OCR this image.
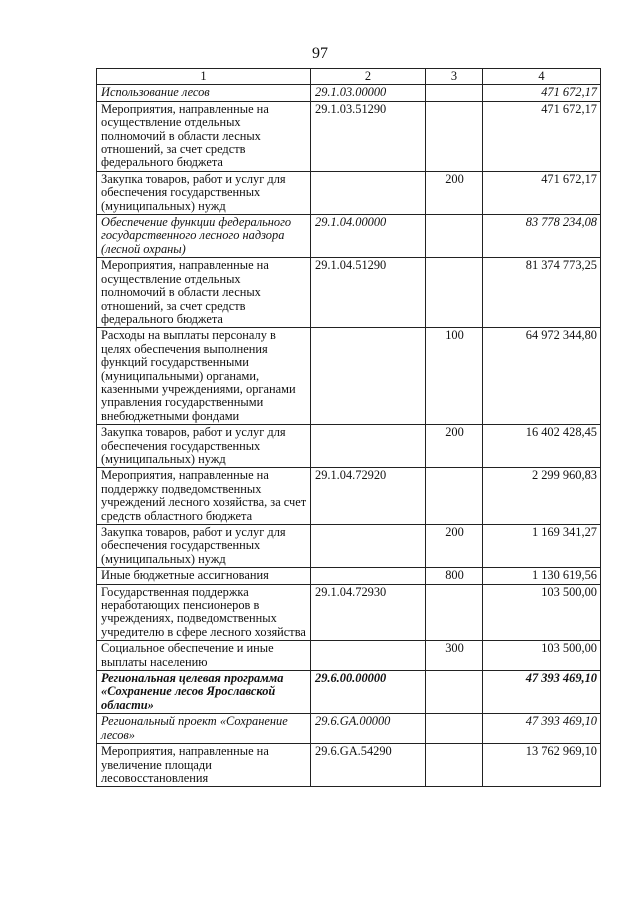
97
1	2	3	4
Использование лесов	29.1.03.00000		471 672,17
Мероприятия, направленные на осуществление отдельных полномочий в области лесных отношений, за счет средств федерального бюджета	29.1.03.51290		471 672,17
Закупка товаров, работ и услуг для обеспечения государственных (муниципальных) нужд		200	471 672,17
Обеспечение функции федерального государственного лесного надзора (лесной охраны)	29.1.04.00000		83 778 234,08
Мероприятия, направленные на осуществление отдельных полномочий в области лесных отношений, за счет средств федерального бюджета	29.1.04.51290		81 374 773,25
Расходы на выплаты персоналу в целях обеспечения выполнения функций государственными (муниципальными) органами, казенными учреждениями, органами управления государственными внебюджетными фондами		100	64 972 344,80
Закупка товаров, работ и услуг для обеспечения государственных (муниципальных) нужд		200	16 402 428,45
Мероприятия, направленные на поддержку подведомственных учреждений лесного хозяйства, за счет средств областного бюджета	29.1.04.72920		2 299 960,83
Закупка товаров, работ и услуг для обеспечения государственных (муниципальных) нужд		200	1 169 341,27
Иные бюджетные ассигнования		800	1 130 619,56
Государственная поддержка неработающих пенсионеров в учреждениях, подведомственных учредителю в сфере лесного хозяйства	29.1.04.72930		103 500,00
Социальное обеспечение и иные выплаты населению		300	103 500,00
Региональная целевая программа «Сохранение лесов Ярославской области»	29.6.00.00000		47 393 469,10
Региональный проект «Сохранение лесов»	29.6.GA.00000		47 393 469,10
Мероприятия, направленные на увеличение площади лесовосстановления	29.6.GA.54290		13 762 969,10
